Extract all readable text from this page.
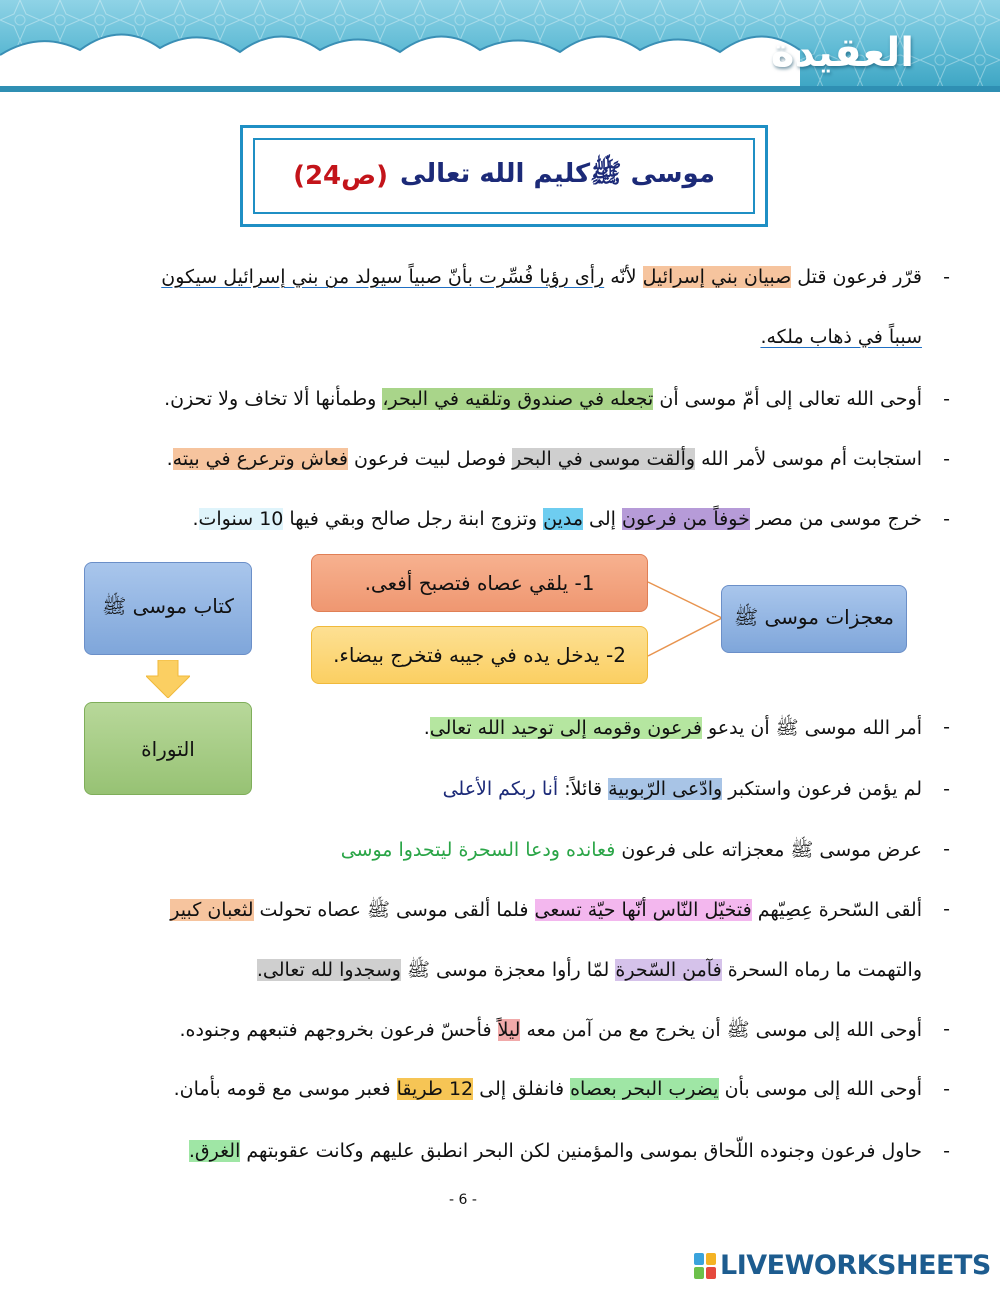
العقيدة
موسى ﷺكليم الله تعالى
(ص24)
-
قرّر فرعون قتل صبيان بني إسرائيل لأنّه رأى رؤيا فُسِّرت بأنّ صبياً سيولد من بني إسرائيل سيكون
سبباً في ذهاب ملكه.
-
أوحى الله تعالى إلى أمّ موسى أن تجعله في صندوق وتلقيه في البحر، وطمأنها ألا تخاف ولا تحزن.
-
استجابت أم موسى لأمر الله وألقت موسى في البحر فوصل لبيت فرعون فعاش وترعرع في بيته.
-
خرج موسى من مصر خوفاً من فرعون إلى مدين وتزوج ابنة رجل صالح وبقي فيها 10 سنوات.
معجزات موسى ﷺ
1- يلقي عصاه فتصبح أفعى.
2- يدخل يده في جيبه فتخرج بيضاء.
كتاب موسى ﷺ
التوراة
-
أمر الله موسى ﷺ أن يدعو فرعون وقومه إلى توحيد الله تعالى.
-
لم يؤمن فرعون واستكبر وادّعى الرّبوبية قائلاً: أنا ربكم الأعلى
-
عرض موسى ﷺ معجزاته على فرعون فعانده ودعا السحرة ليتحدوا موسى
-
ألقى السّحرة عِصِيّهم فتخيّل النّاس أنّها حيّة تسعى فلما ألقى موسى ﷺ عصاه تحولت لثعبان كبير
والتهمت ما رماه السحرة فآمن السّحرة لمّا رأوا معجزة موسى ﷺ وسجدوا لله تعالى.
-
أوحى الله إلى موسى ﷺ أن يخرج مع من آمن معه ليلاً فأحسّ فرعون بخروجهم فتبعهم وجنوده.
-
أوحى الله إلى موسى بأن يضرب البحر بعصاه فانفلق إلى 12 طريقا فعبر موسى مع قومه بأمان.
-
حاول فرعون وجنوده اللّحاق بموسى والمؤمنين لكن البحر انطبق عليهم وكانت عقوبتهم الغرق.
- 6 -
LIVEWORKSHEETS
